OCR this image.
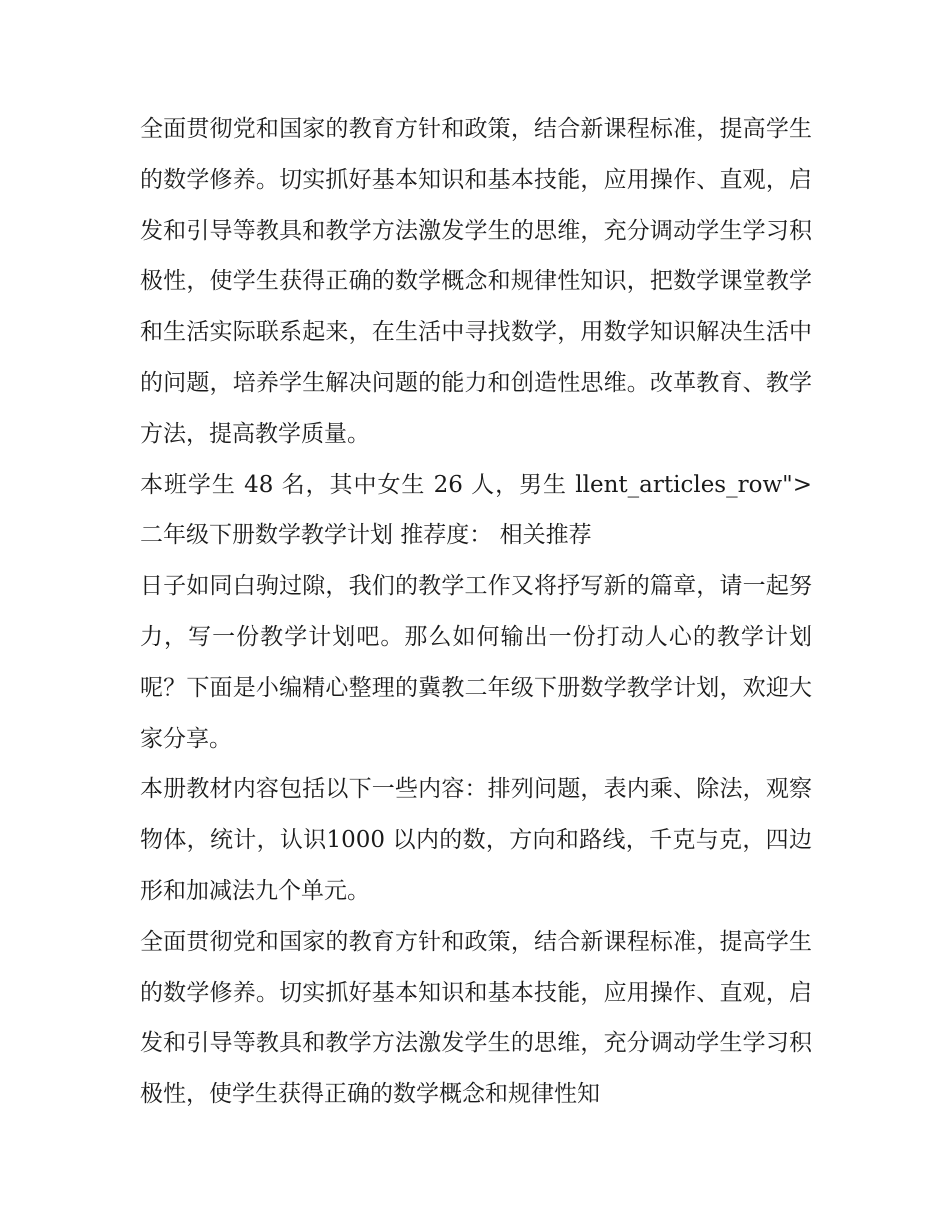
全面贯彻党和国家的教育方针和政策，结合新课程标准，提高学生的数学修养。切实抓好基本知识和基本技能，应用操作、直观，启发和引导等教具和教学方法激发学生的思维，充分调动学生学习积极性，使学生获得正确的数学概念和规律性知识，把数学课堂教学和生活实际联系起来，在生活中寻找数学，用数学知识解决生活中的问题，培养学生解决问题的能力和创造性思维。改革教育、教学方法，提高教学质量。

本班学生 48 名，其中女生 26 人，男生 llent_articles_row"> 二年级下册数学教学计划 推荐度： 相关推荐

日子如同白驹过隙，我们的教学工作又将抒写新的篇章，请一起努力，写一份教学计划吧。那么如何输出一份打动人心的教学计划呢？下面是小编精心整理的冀教二年级下册数学教学计划，欢迎大家分享。

本册教材内容包括以下一些内容：排列问题，表内乘、除法，观察物体，统计，认识1000 以内的数，方向和路线，千克与克，四边形和加减法九个单元。

全面贯彻党和国家的教育方针和政策，结合新课程标准，提高学生的数学修养。切实抓好基本知识和基本技能，应用操作、直观，启发和引导等教具和教学方法激发学生的思维，充分调动学生学习积极性，使学生获得正确的数学概念和规律性知
